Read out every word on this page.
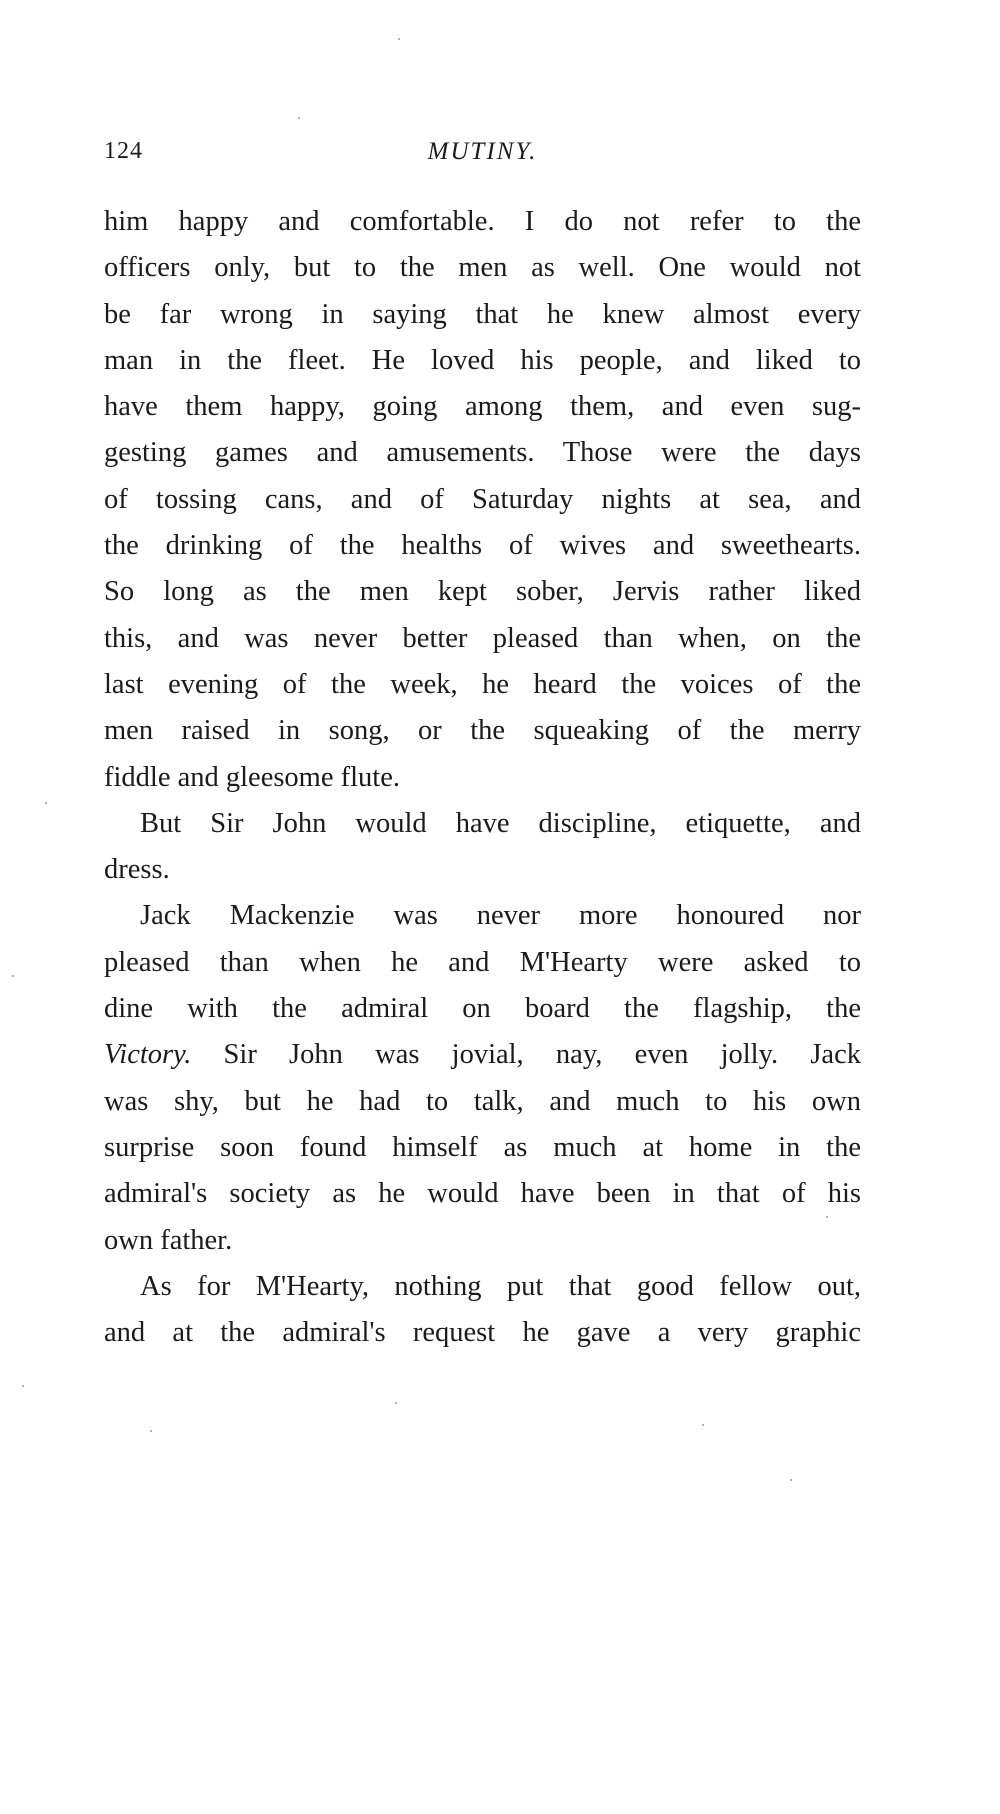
124	MUTINY.
him happy and comfortable. I do not refer to the
officers only, but to the men as well. One would not
be far wrong in saying that he knew almost every
man in the fleet. He loved his people, and liked to
have them happy, going among them, and even sug-
gesting games and amusements. Those were the days
of tossing cans, and of Saturday nights at sea, and
the drinking of the healths of wives and sweethearts.
So long as the men kept sober, Jervis rather liked
this, and was never better pleased than when, on the
last evening of the week, he heard the voices of the
men raised in song, or the squeaking of the merry
fiddle and gleesome flute.
But Sir John would have discipline, etiquette, and
dress.
Jack Mackenzie was never more honoured nor
pleased than when he and M'Hearty were asked to
dine with the admiral on board the flagship, the
Victory. Sir John was jovial, nay, even jolly. Jack
was shy, but he had to talk, and much to his own
surprise soon found himself as much at home in the
admiral's society as he would have been in that of his
own father.
As for M'Hearty, nothing put that good fellow out,
and at the admiral's request he gave a very graphic
